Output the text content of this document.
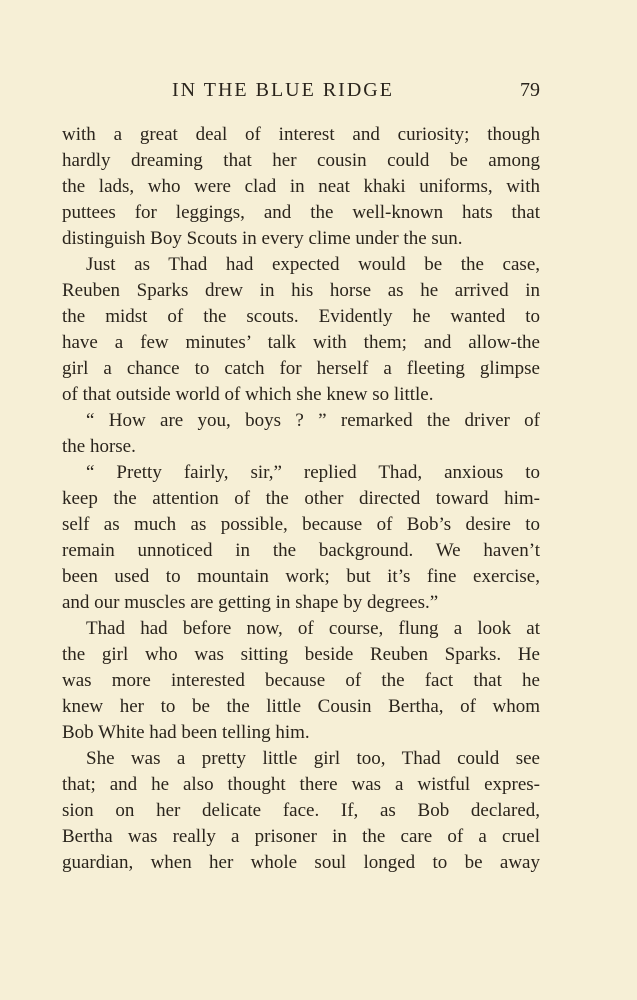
IN THE BLUE RIDGE	79
with a great deal of interest and curiosity; though
hardly dreaming that her cousin could be among
the lads, who were clad in neat khaki uniforms, with
puttees for leggings, and the well-known hats that
distinguish Boy Scouts in every clime under the sun.
Just as Thad had expected would be the case,
Reuben Sparks drew in his horse as he arrived in
the midst of the scouts. Evidently he wanted to
have a few minutes’ talk with them; and allow-the
girl a chance to catch for herself a fleeting glimpse
of that outside world of which she knew so little.
“ How are you, boys ? ” remarked the driver of
the horse.
“ Pretty fairly, sir,” replied Thad, anxious to
keep the attention of the other directed toward him-
self as much as possible, because of Bob’s desire to
remain unnoticed in the background. We haven’t
been used to mountain work; but it’s fine exercise,
and our muscles are getting in shape by degrees.”
Thad had before now, of course, flung a look at
the girl who was sitting beside Reuben Sparks. He
was more interested because of the fact that he
knew her to be the little Cousin Bertha, of whom
Bob White had been telling him.
She was a pretty little girl too, Thad could see
that; and he also thought there was a wistful expres-
sion on her delicate face. If, as Bob declared,
Bertha was really a prisoner in the care of a cruel
guardian, when her whole soul longed to be away
